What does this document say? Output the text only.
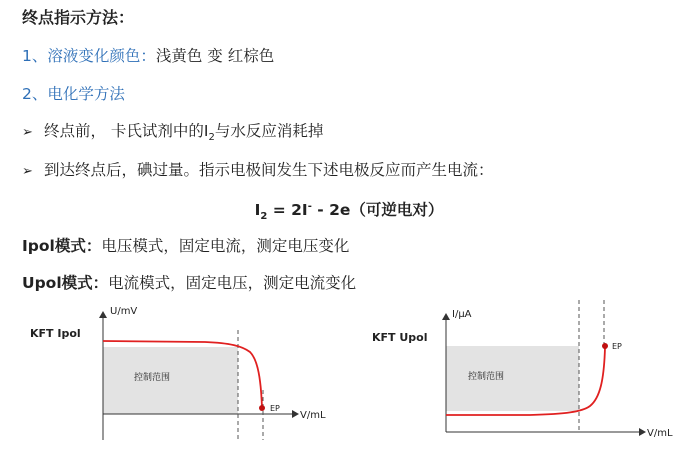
终点指示方法：
1、溶液变化颜色：浅黄色 变 红棕色
2、电化学方法
➢ 终点前， 卡氏试剂中的$I_2$与水反应消耗掉
➢ 到达终点后，碘过量。指示电极间发生下述电极反应而产生电流：
$I_2 = 2I^- - 2e$（可逆电对）
Ipol模式：电压模式，固定电流，测定电压变化
Upol模式：电流模式，固定电压，测定电流变化
KFT Ipol
控制范围
U/mV
V/mL
EP
KFT Upol
控制范围
I/μA
V/mL
EP
